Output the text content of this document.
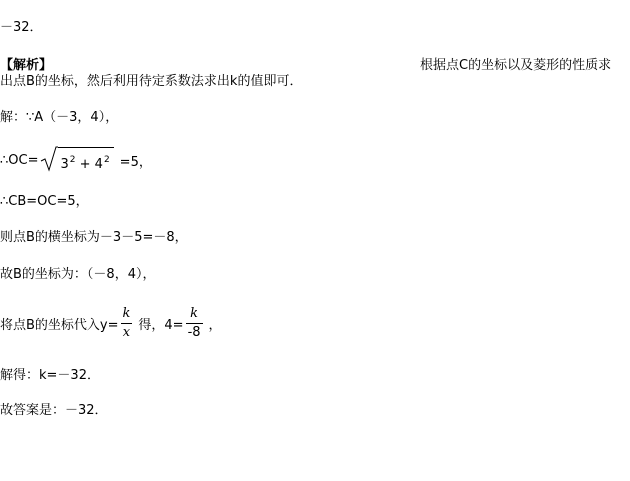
－32．
【解析】	根据点C的坐标以及菱形的性质求
出点B的坐标，然后利用待定系数法求出k的值即可．
解：∵A（－3，4），
∴OC= $3^2 + 4^2 =5$，
∴CB=OC=5，
则点B的横坐标为－3－5=－8，
故B的坐标为：（－8，4），
将点B的坐标代入$y= \frac{k}{x}$ 得，$4= \frac{k}{-8}$ ，
解得：k=－32．
故答案是：－32．
